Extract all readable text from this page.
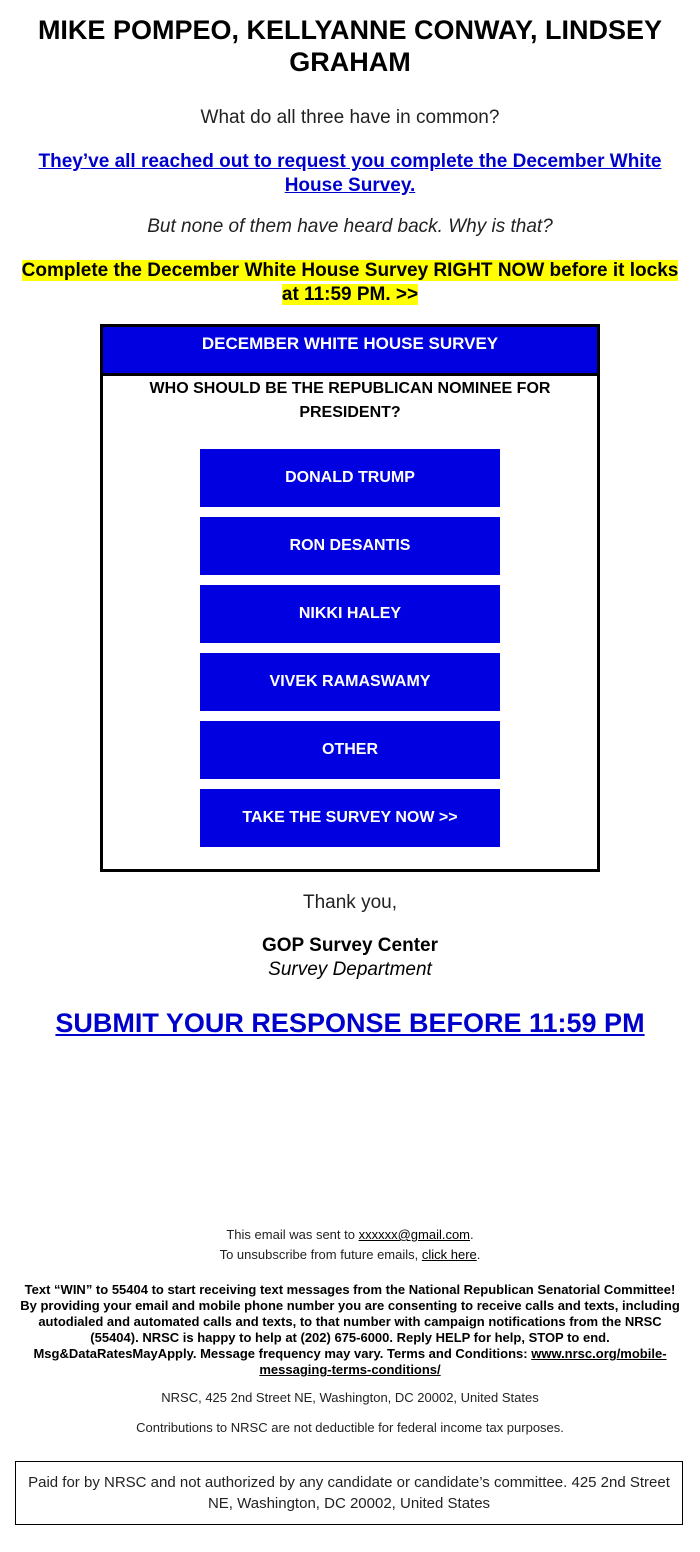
MIKE POMPEO, KELLYANNE CONWAY, LINDSEY GRAHAM
What do all three have in common?
They’ve all reached out to request you complete the December White House Survey.
But none of them have heard back. Why is that?
Complete the December White House Survey RIGHT NOW before it locks at 11:59 PM. >>
DECEMBER WHITE HOUSE SURVEY
WHO SHOULD BE THE REPUBLICAN NOMINEE FOR PRESIDENT?
DONALD TRUMP
RON DESANTIS
NIKKI HALEY
VIVEK RAMASWAMY
OTHER
TAKE THE SURVEY NOW >>
Thank you,
GOP Survey Center
Survey Department
SUBMIT YOUR RESPONSE BEFORE 11:59 PM
This email was sent to xxxxxx@gmail.com.
To unsubscribe from future emails, click here.
Text “WIN” to 55404 to start receiving text messages from the National Republican Senatorial Committee! By providing your email and mobile phone number you are consenting to receive calls and texts, including autodialed and automated calls and texts, to that number with campaign notifications from the NRSC (55404). NRSC is happy to help at (202) 675-6000. Reply HELP for help, STOP to end. Msg&DataRatesMayApply. Message frequency may vary. Terms and Conditions: www.nrsc.org/mobile-messaging-terms-conditions/
NRSC, 425 2nd Street NE, Washington, DC 20002, United States
Contributions to NRSC are not deductible for federal income tax purposes.
Paid for by NRSC and not authorized by any candidate or candidate’s committee. 425 2nd Street NE, Washington, DC 20002, United States
